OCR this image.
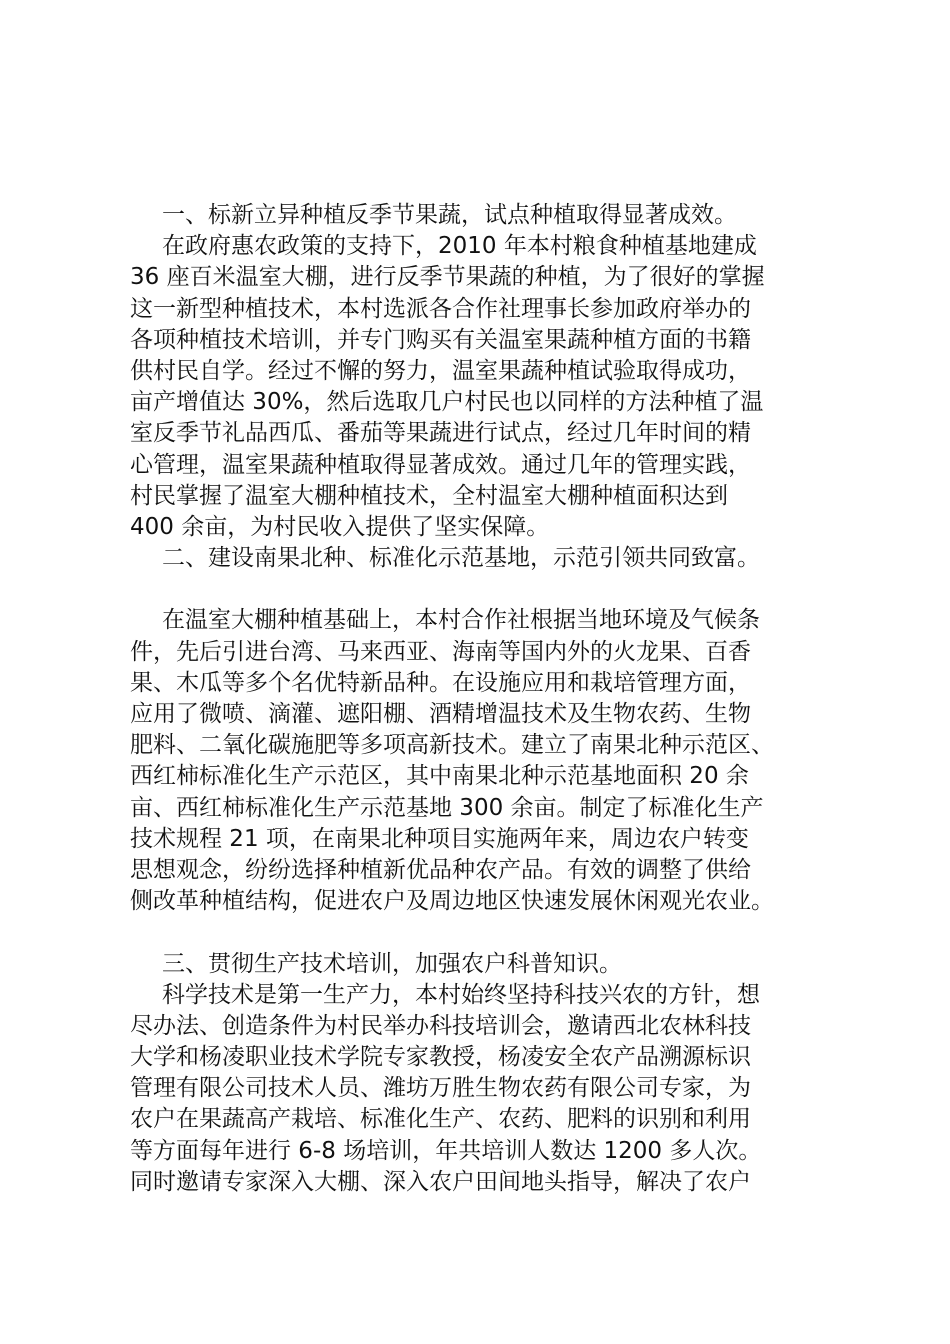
一、标新立异种植反季节果蔬，试点种植取得显著成效。
在政府惠农政策的支持下，2010 年本村粮食种植基地建成
36 座百米温室大棚，进行反季节果蔬的种植，为了很好的掌握
这一新型种植技术，本村选派各合作社理事长参加政府举办的
各项种植技术培训，并专门购买有关温室果蔬种植方面的书籍
供村民自学。经过不懈的努力，温室果蔬种植试验取得成功，
亩产增值达 30%，然后选取几户村民也以同样的方法种植了温
室反季节礼品西瓜、番茄等果蔬进行试点，经过几年时间的精
心管理，温室果蔬种植取得显著成效。通过几年的管理实践，
村民掌握了温室大棚种植技术，全村温室大棚种植面积达到
400 余亩，为村民收入提供了坚实保障。
二、建设南果北种、标准化示范基地，示范引领共同致富。
在温室大棚种植基础上，本村合作社根据当地环境及气候条
件，先后引进台湾、马来西亚、海南等国内外的火龙果、百香
果、木瓜等多个名优特新品种。在设施应用和栽培管理方面，
应用了微喷、滴灌、遮阳棚、酒精增温技术及生物农药、生物
肥料、二氧化碳施肥等多项高新技术。建立了南果北种示范区、
西红柿标准化生产示范区，其中南果北种示范基地面积 20 余
亩、西红柿标准化生产示范基地 300 余亩。制定了标准化生产
技术规程 21 项，在南果北种项目实施两年来，周边农户转变
思想观念，纷纷选择种植新优品种农产品。有效的调整了供给
侧改革种植结构，促进农户及周边地区快速发展休闲观光农业。
三、贯彻生产技术培训，加强农户科普知识。
科学技术是第一生产力，本村始终坚持科技兴农的方针，想
尽办法、创造条件为村民举办科技培训会，邀请西北农林科技
大学和杨凌职业技术学院专家教授，杨凌安全农产品溯源标识
管理有限公司技术人员、潍坊万胜生物农药有限公司专家，为
农户在果蔬高产栽培、标准化生产、农药、肥料的识别和利用
等方面每年进行 6-8 场培训，年共培训人数达 1200 多人次。
同时邀请专家深入大棚、深入农户田间地头指导，解决了农户
